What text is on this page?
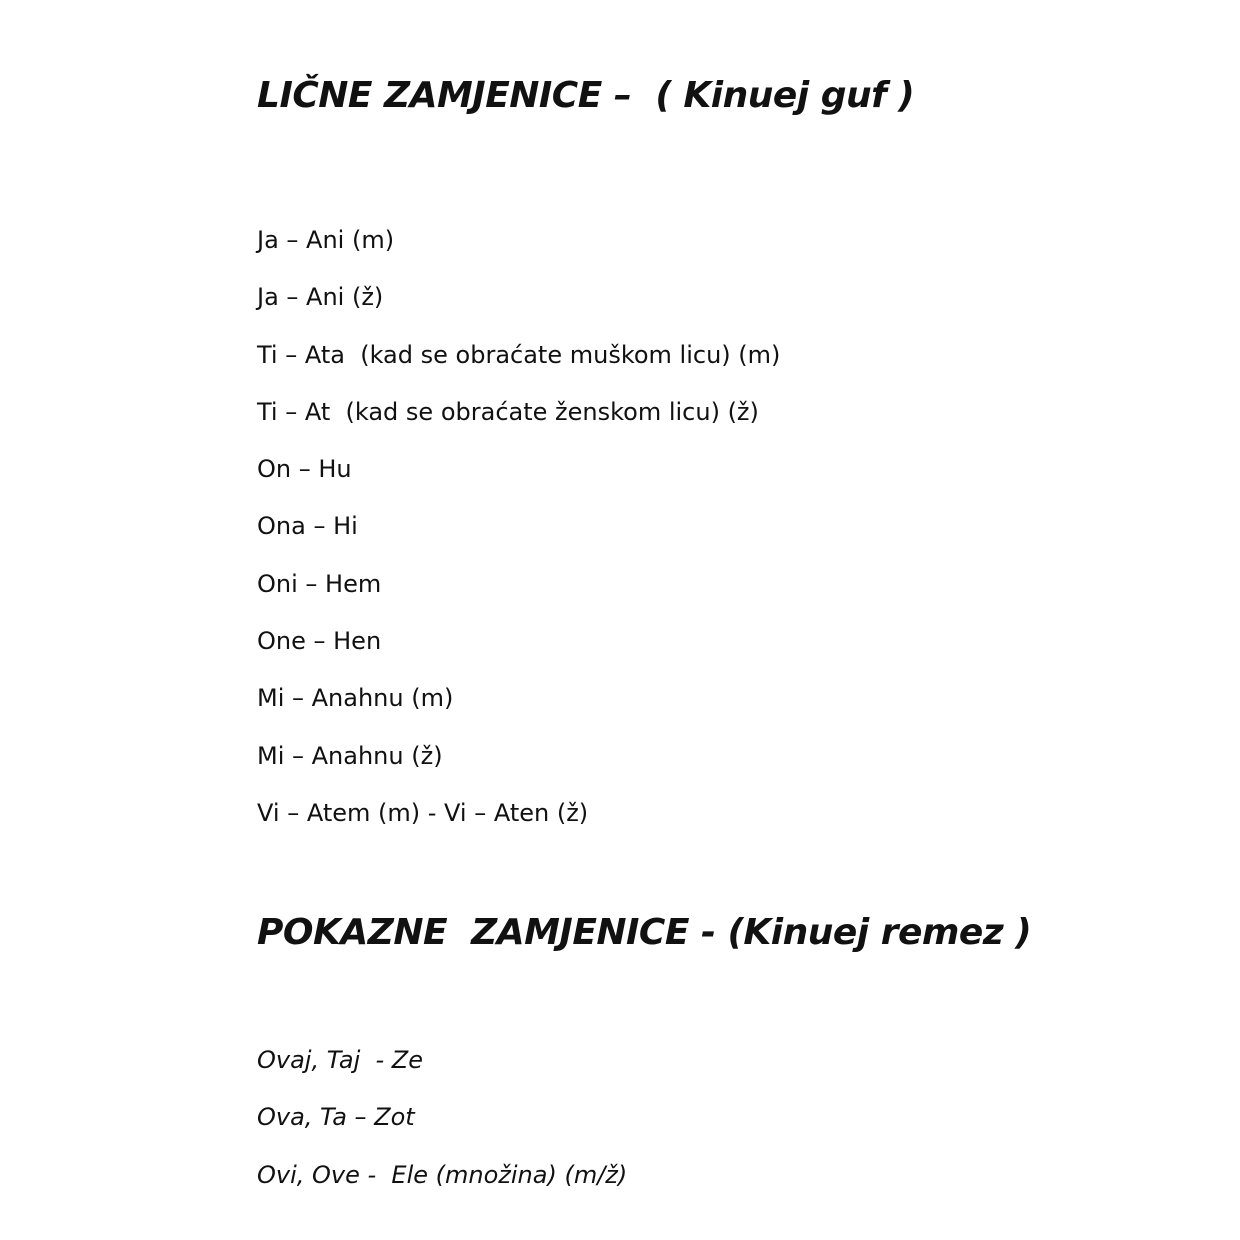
LIČNE ZAMJENICE –  ( Kinuej guf )
Ja – Ani (m)
Ja – Ani (ž)
Ti – Ata  (kad se obraćate muškom licu) (m)
Ti – At  (kad se obraćate ženskom licu) (ž)
On – Hu
Ona – Hi
Oni – Hem
One – Hen
Mi – Anahnu (m)
Mi – Anahnu (ž)
Vi – Atem (m) - Vi – Aten (ž)
POKAZNE  ZAMJENICE - (Kinuej remez )
Ovaj, Taj  - Ze
Ova, Ta – Zot
Ovi, Ove -  Ele (množina) (m/ž)
